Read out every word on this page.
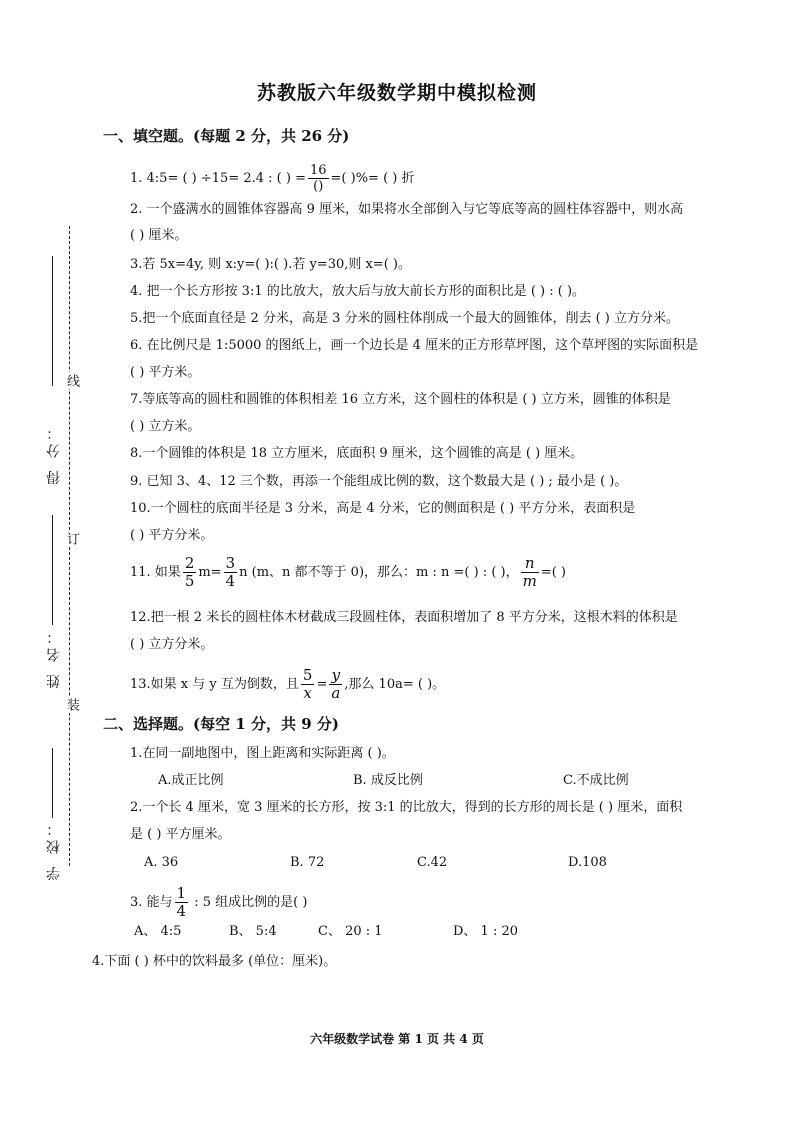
苏教版六年级数学期中模拟检测
线
订
装
得 分：
姓 名：
学 校：
一、填空题。(每题 2 分，共 26 分)
1. 4:5= ( ) ÷15= 2.4 : ( ) = $\frac{16}{()}$ =( )%= ( ) 折
2. 一个盛满水的圆锥体容器高 9 厘米，如果将水全部倒入与它等底等高的圆柱体容器中，则水高
( ) 厘米。
3.若 5x=4y, 则 x:y=( ):( ).若 y=30,则 x=( )。
4. 把一个长方形按 3:1 的比放大，放大后与放大前长方形的面积比是 ( ) : ( )。
5.把一个底面直径是 2 分米，高是 3 分米的圆柱体削成一个最大的圆锥体，削去 ( ) 立方分米。
6. 在比例尺是 1:5000 的图纸上，画一个边长是 4 厘米的正方形草坪图，这个草坪图的实际面积是
( ) 平方米。
7.等底等高的圆柱和圆锥的体积相差 16 立方米，这个圆柱的体积是 ( ) 立方米，圆锥的体积是
( ) 立方米。
8.一个圆锥的体积是 18 立方厘米，底面积 9 厘米，这个圆锥的高是 ( ) 厘米。
9. 已知 3、4、12 三个数，再添一个能组成比例的数，这个数最大是 ( ) ; 最小是 ( )。
10.一个圆柱的底面半径是 3 分米，高是 4 分米，它的侧面积是 ( ) 平方分米，表面积是
( ) 平方分米。
11. 如果 $\frac{2}{5} m= \frac{3}{4}$ n (m、n 都不等于 0)，那么：m : n =( ) : ( )， $\frac{n}{m}$ =( )
12.把一根 2 米长的圆柱体木材截成三段圆柱体，表面积增加了 8 平方分米，这根木料的体积是
( ) 立方分米。
13.如果 x 与 y 互为倒数，且 $\frac{5}{x} = \frac{y}{a}$ ,那么 10a= ( )。
二、选择题。(每空 1 分，共 9 分)
1.在同一副地图中，图上距离和实际距离 ( )。
A.成正比例	B. 成反比例	C.不成比例
2.一个长 4 厘米，宽 3 厘米的长方形，按 3:1 的比放大，得到的长方形的周长是 ( ) 厘米，面积
是 ( ) 平方厘米。
A. 36	B. 72	C.42	D.108
3. 能与 $\frac{1}{4}$ : 5 组成比例的是( )
A、 4:5	B、 5:4	C、 20 : 1	D、 1 : 20
4.下面 ( ) 杯中的饮料最多 (单位：厘米)。
六年级数学试卷 第 1 页 共 4 页
